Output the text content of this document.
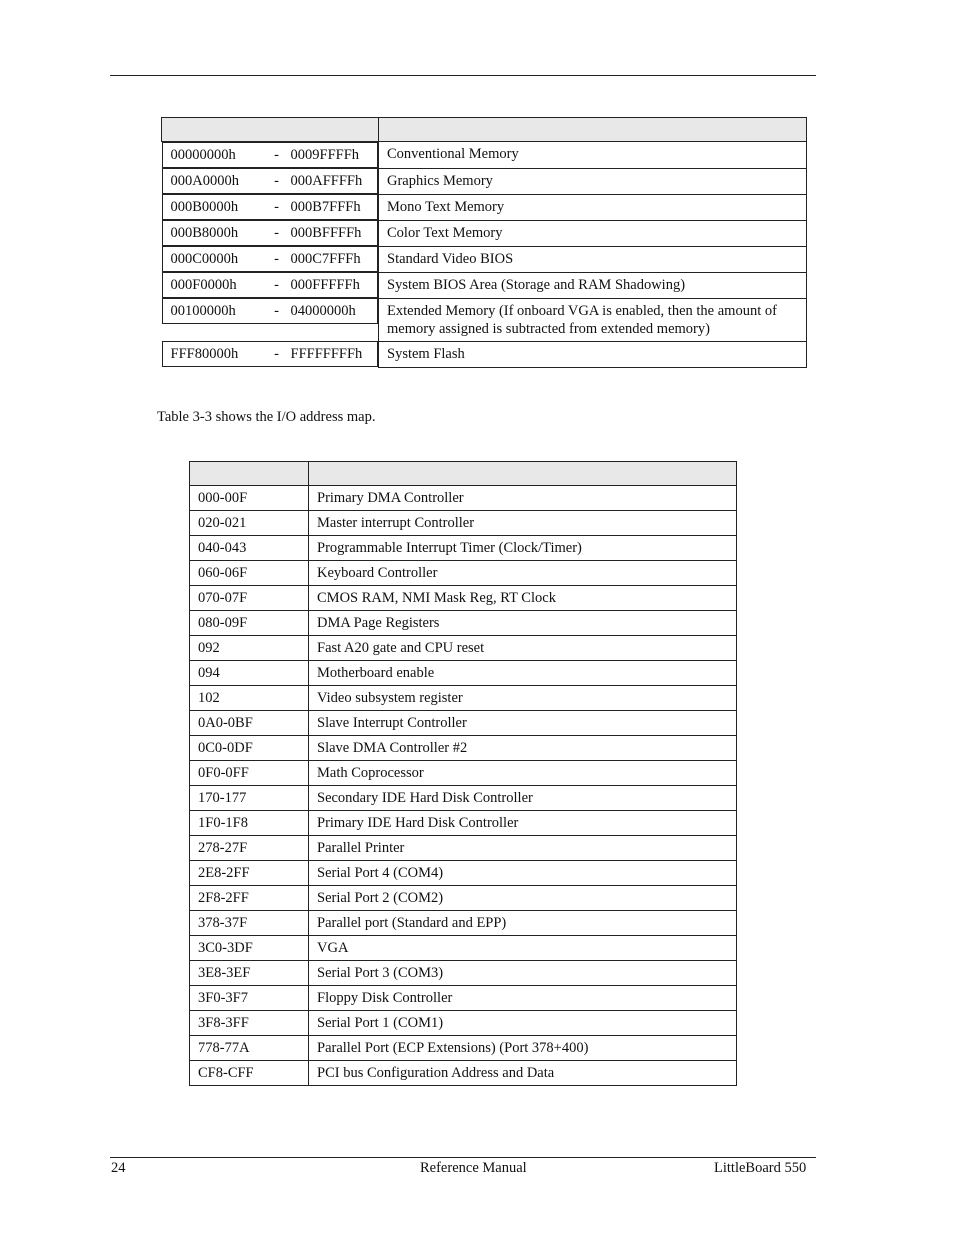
00000000h	- 0009FFFFh Conventional Memory

000A0000h	- 000AFFFFh Graphics Memory

000B0000h	- 000B7FFFh Mono Text Memory

000B8000h	- 000BFFFFh Color Text Memory

000C0000h	- 000C7FFFh Standard Video BIOS

000F0000h	- 000FFFFFh System BIOS Area (Storage and RAM Shadowing)

00100000h	- 04000000h Extended Memory (If onboard VGA is enabled, then the amount of memory assigned is subtracted from extended memory)

FFF80000h	- FFFFFFFFh System Flash
Table 3-3 shows the I/O address map.

000-00F	Primary DMA Controller
020-021	Master interrupt Controller
040-043	Programmable Interrupt Timer (Clock/Timer)
060-06F	Keyboard Controller
070-07F	CMOS RAM, NMI Mask Reg, RT Clock
080-09F	DMA Page Registers
092	Fast A20 gate and CPU reset
094	Motherboard enable
102	Video subsystem register
0A0-0BF	Slave Interrupt Controller
0C0-0DF	Slave DMA Controller #2
0F0-0FF	Math Coprocessor
170-177	Secondary IDE Hard Disk Controller
1F0-1F8	Primary IDE Hard Disk Controller
278-27F	Parallel Printer
2E8-2FF	Serial Port 4 (COM4)
2F8-2FF	Serial Port 2 (COM2)
378-37F	Parallel port (Standard and EPP)
3C0-3DF	VGA
3E8-3EF	Serial Port 3 (COM3)
3F0-3F7	Floppy Disk Controller
3F8-3FF	Serial Port 1 (COM1)
778-77A	Parallel Port (ECP Extensions) (Port 378+400)
CF8-CFF	PCI bus Configuration Address and Data
24	Reference Manual	LittleBoard 550
